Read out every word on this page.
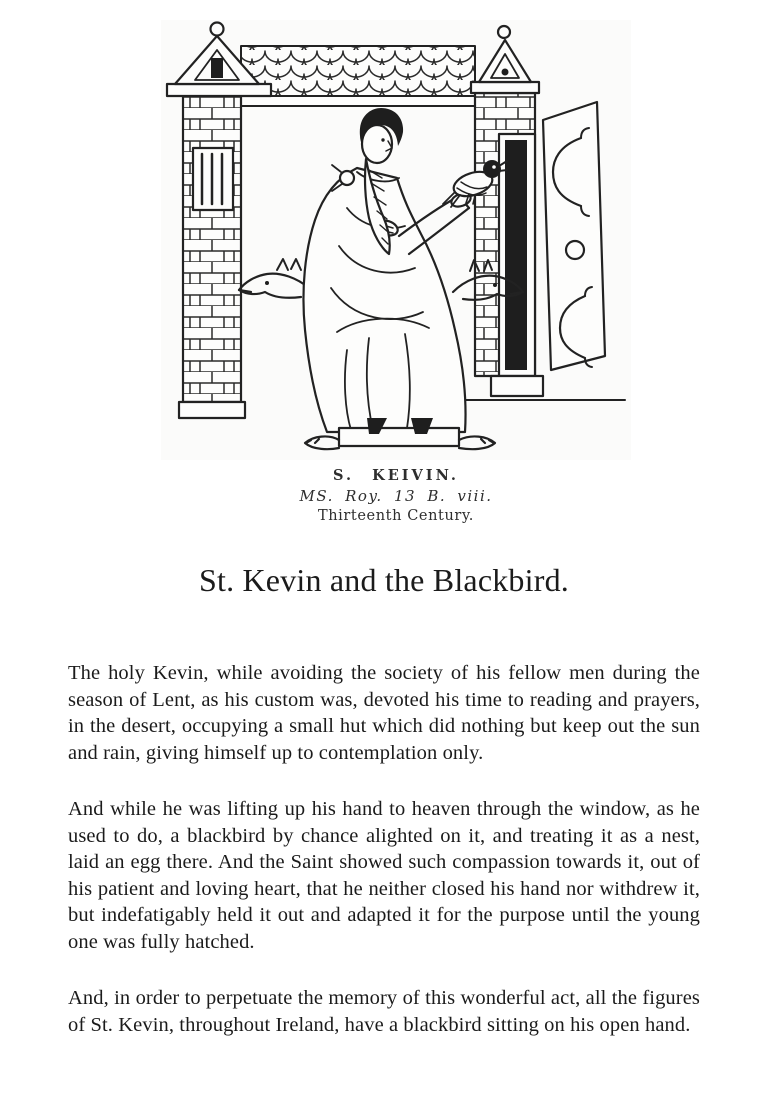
S. KEIVIN.
MS. Roy. 13 B. viii.
Thirteenth Century.
St. Kevin and the Blackbird.

The holy Kevin, while avoiding the society of his fellow men during the season of Lent, as his custom was, devoted his time to reading and prayers, in the desert, occupying a small hut which did nothing but keep out the sun and rain, giving himself up to contemplation only.

And while he was lifting up his hand to heaven through the window, as he used to do, a blackbird by chance alighted on it, and treating it as a nest, laid an egg there. And the Saint showed such compassion towards it, out of his patient and loving heart, that he neither closed his hand nor withdrew it, but indefatigably held it out and adapted it for the purpose until the young one was fully hatched.

And, in order to perpetuate the memory of this wonderful act, all the figures of St. Kevin, throughout Ireland, have a blackbird sitting on his open hand.
